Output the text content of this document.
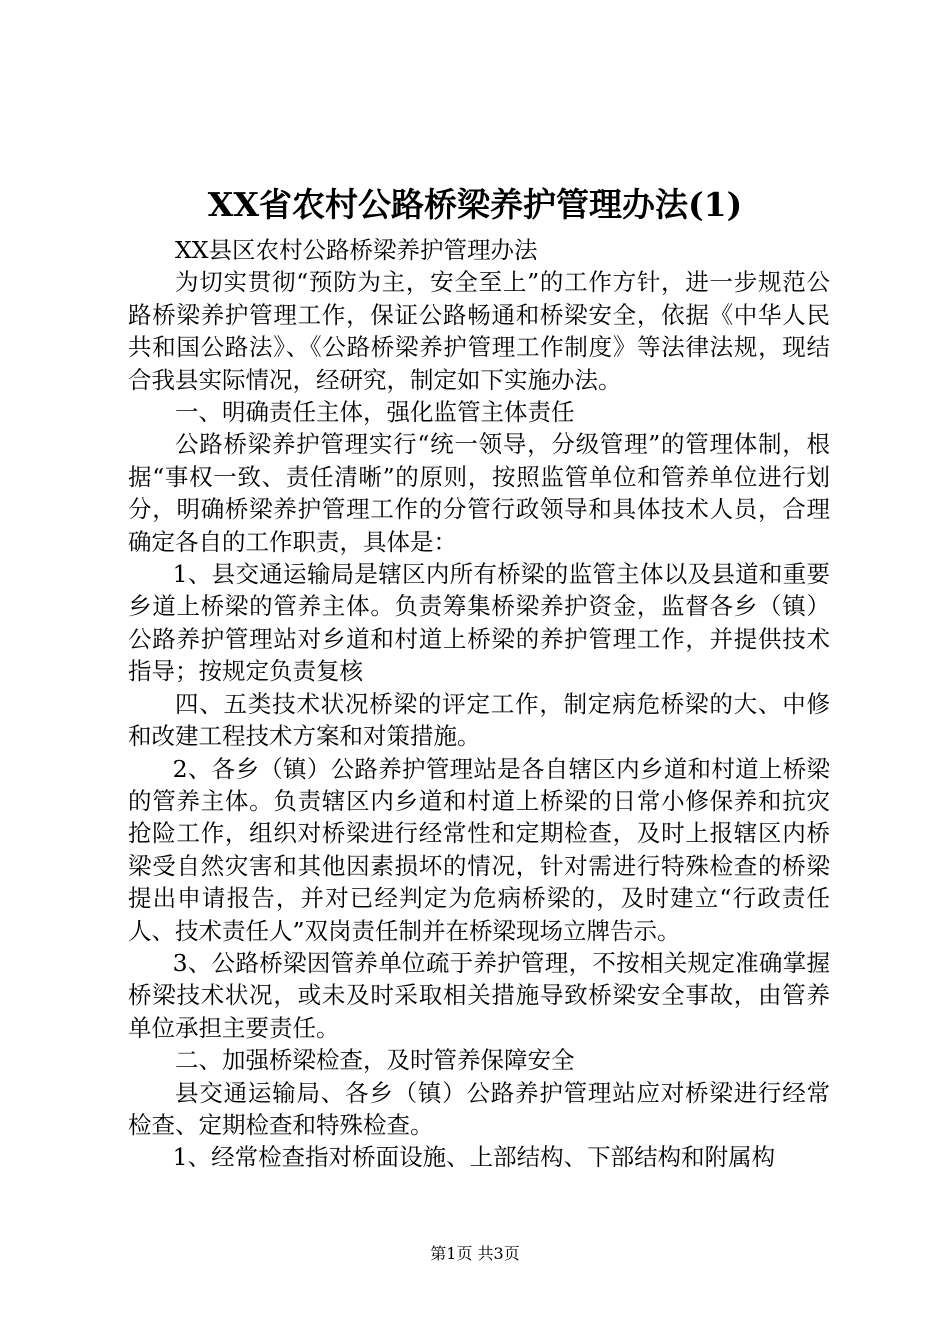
XX省农村公路桥梁养护管理办法(1)

XX县区农村公路桥梁养护管理办法

为切实贯彻“预防为主，安全至上”的工作方针，进一步规范公路桥梁养护管理工作，保证公路畅通和桥梁安全，依据《中华人民共和国公路法》、《公路桥梁养护管理工作制度》等法律法规，现结合我县实际情况，经研究，制定如下实施办法。

一、明确责任主体，强化监管主体责任

公路桥梁养护管理实行“统一领导，分级管理”的管理体制，根据“事权一致、责任清晰”的原则，按照监管单位和管养单位进行划分，明确桥梁养护管理工作的分管行政领导和具体技术人员，合理确定各自的工作职责，具体是：

1、县交通运输局是辖区内所有桥梁的监管主体以及县道和重要乡道上桥梁的管养主体。负责筹集桥梁养护资金，监督各乡（镇）公路养护管理站对乡道和村道上桥梁的养护管理工作，并提供技术指导；按规定负责复核

四、五类技术状况桥梁的评定工作，制定病危桥梁的大、中修和改建工程技术方案和对策措施。

2、各乡（镇）公路养护管理站是各自辖区内乡道和村道上桥梁的管养主体。负责辖区内乡道和村道上桥梁的日常小修保养和抗灾抢险工作，组织对桥梁进行经常性和定期检查，及时上报辖区内桥梁受自然灾害和其他因素损坏的情况，针对需进行特殊检查的桥梁提出申请报告，并对已经判定为危病桥梁的，及时建立“行政责任人、技术责任人”双岗责任制并在桥梁现场立牌告示。

3、公路桥梁因管养单位疏于养护管理，不按相关规定准确掌握桥梁技术状况，或未及时采取相关措施导致桥梁安全事故，由管养单位承担主要责任。

二、加强桥梁检查，及时管养保障安全

县交通运输局、各乡（镇）公路养护管理站应对桥梁进行经常检查、定期检查和特殊检查。

1、经常检查指对桥面设施、上部结构、下部结构和附属构

第1页 共3页
